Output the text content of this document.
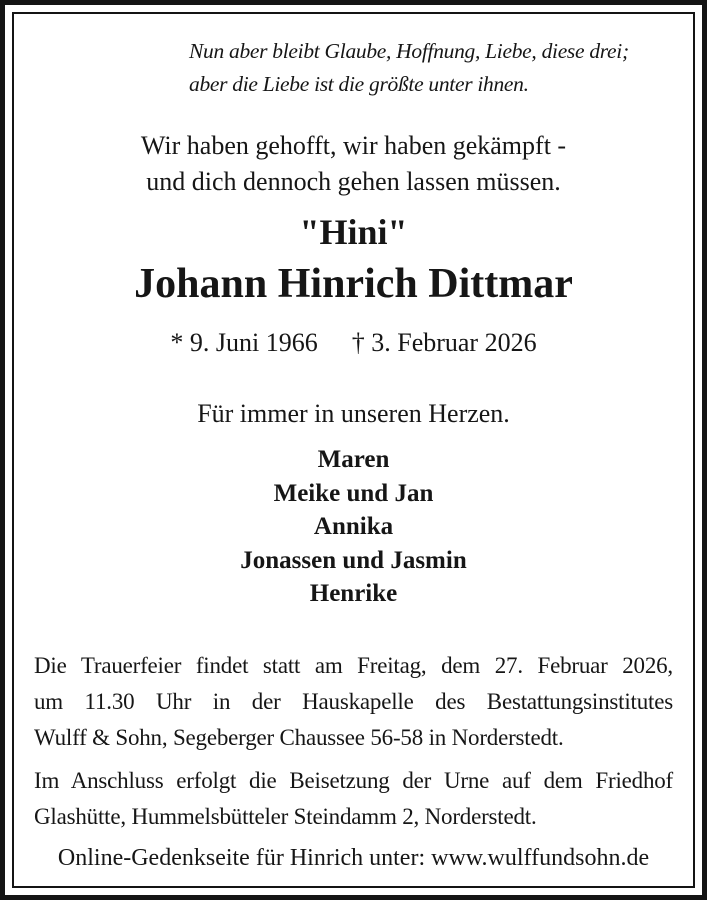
Nun aber bleibt Glaube, Hoffnung, Liebe, diese drei;
aber die Liebe ist die größte unter ihnen.
Wir haben gehofft, wir haben gekämpft -
und dich dennoch gehen lassen müssen.
"Hini"
Johann Hinrich Dittmar
* 9. Juni 1966 † 3. Februar 2026
Für immer in unseren Herzen.
Maren
Meike und Jan
Annika
Jonassen und Jasmin
Henrike
Die Trauerfeier findet statt am Freitag, dem 27. Februar 2026,
um 11.30 Uhr in der Hauskapelle des Bestattungsinstitutes
Wulff & Sohn, Segeberger Chaussee 56-58 in Norderstedt.
Im Anschluss erfolgt die Beisetzung der Urne auf dem Friedhof
Glashütte, Hummelsbütteler Steindamm 2, Norderstedt.
Online-Gedenkseite für Hinrich unter: www.wulffundsohn.de
